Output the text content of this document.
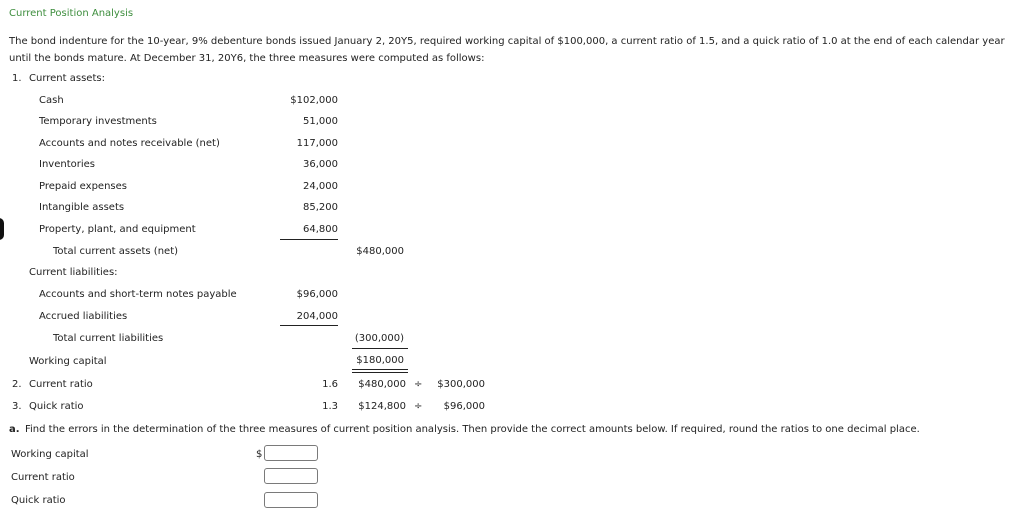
Current Position Analysis
The bond indenture for the 10-year, 9% debenture bonds issued January 2, 20Y5, required working capital of $100,000, a current ratio of 1.5, and a quick ratio of 1.0 at the end of each calendar year until the bonds mature. At December 31, 20Y6, the three measures were computed as follows:
1. Current assets:
Cash	$102,000
Temporary investments	51,000
Accounts and notes receivable (net)	117,000
Inventories	36,000
Prepaid expenses	24,000
Intangible assets	85,200
Property, plant, and equipment	64,800
Total current assets (net)	$480,000
Current liabilities:
Accounts and short-term notes payable	$96,000
Accrued liabilities	204,000
Total current liabilities	(300,000)
Working capital	$180,000
2. Current ratio	1.6	$480,000 ÷	$300,000
3. Quick ratio	1.3	$124,800 ÷	$96,000
a. Find the errors in the determination of the three measures of current position analysis. Then provide the correct amounts below. If required, round the ratios to one decimal place.
Working capital	$
Current ratio
Quick ratio
